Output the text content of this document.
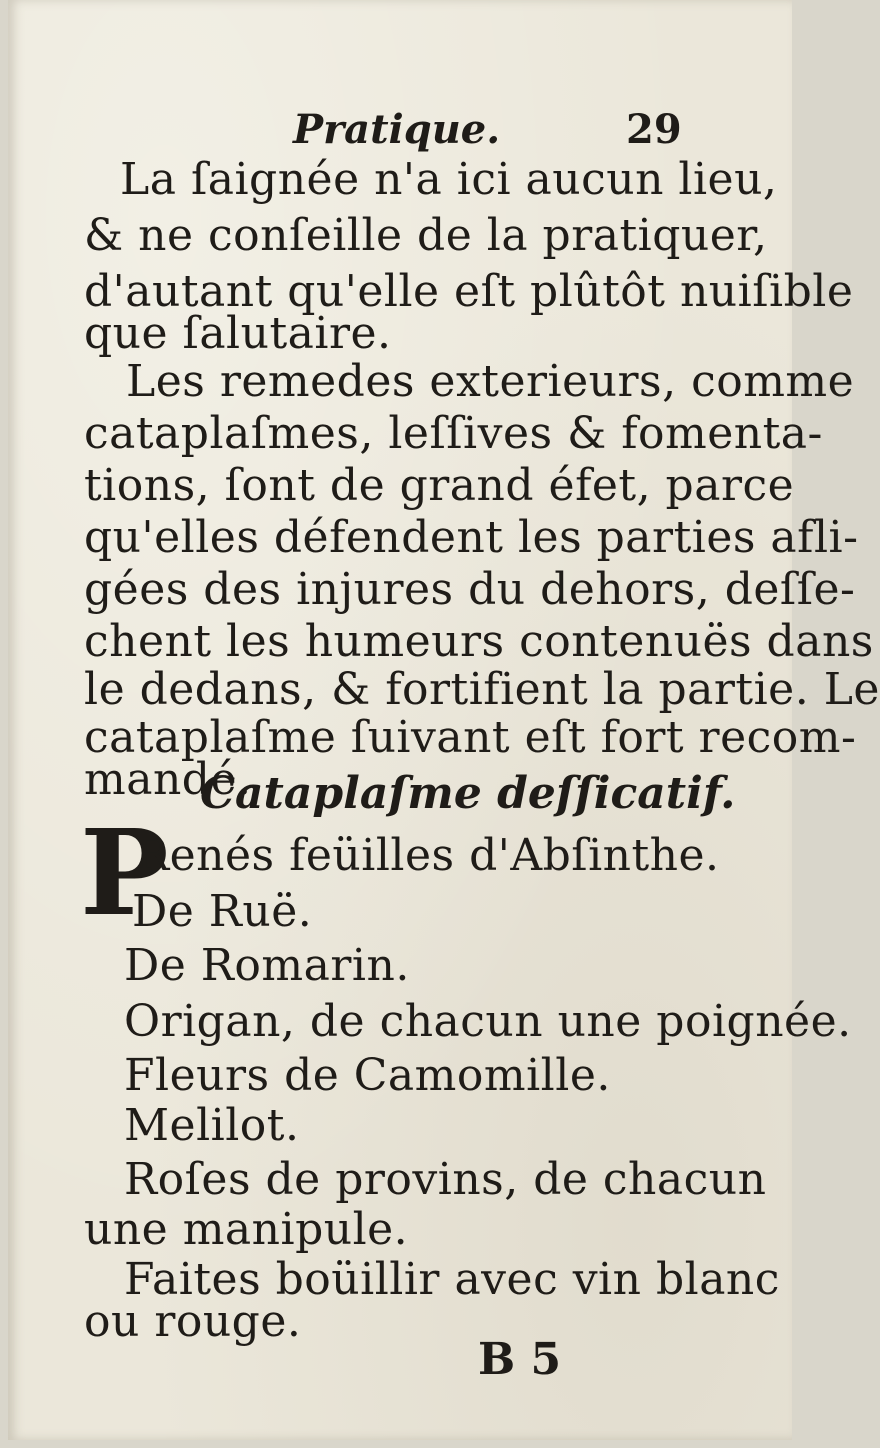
Pratique.	29
La ſaignée n'a ici aucun lieu,
& ne conſeille de la pratiquer,
d'autant qu'elle eſt plûtôt nuiſible
que ſalutaire.
Les remedes exterieurs, comme
cataplaſmes, leſſives & fomenta-
tions, ſont de grand éfet, parce
qu'elles défendent les parties afli-
gées des injures du dehors, deſſe-
chent les humeurs contenuës dans
le dedans, & fortifient la partie. Le
cataplaſme ſuivant eſt fort recom-
mandé.
Cataplaſme deſſicatif.
P
Renés feüilles d'Abſinthe.
De Ruë.
De Romarin.
Origan, de chacun une poignée.
Fleurs de Camomille.
Melilot.
Roſes de provins, de chacun
une manipule.
Faites boüillir avec vin blanc
ou rouge.
B 5
